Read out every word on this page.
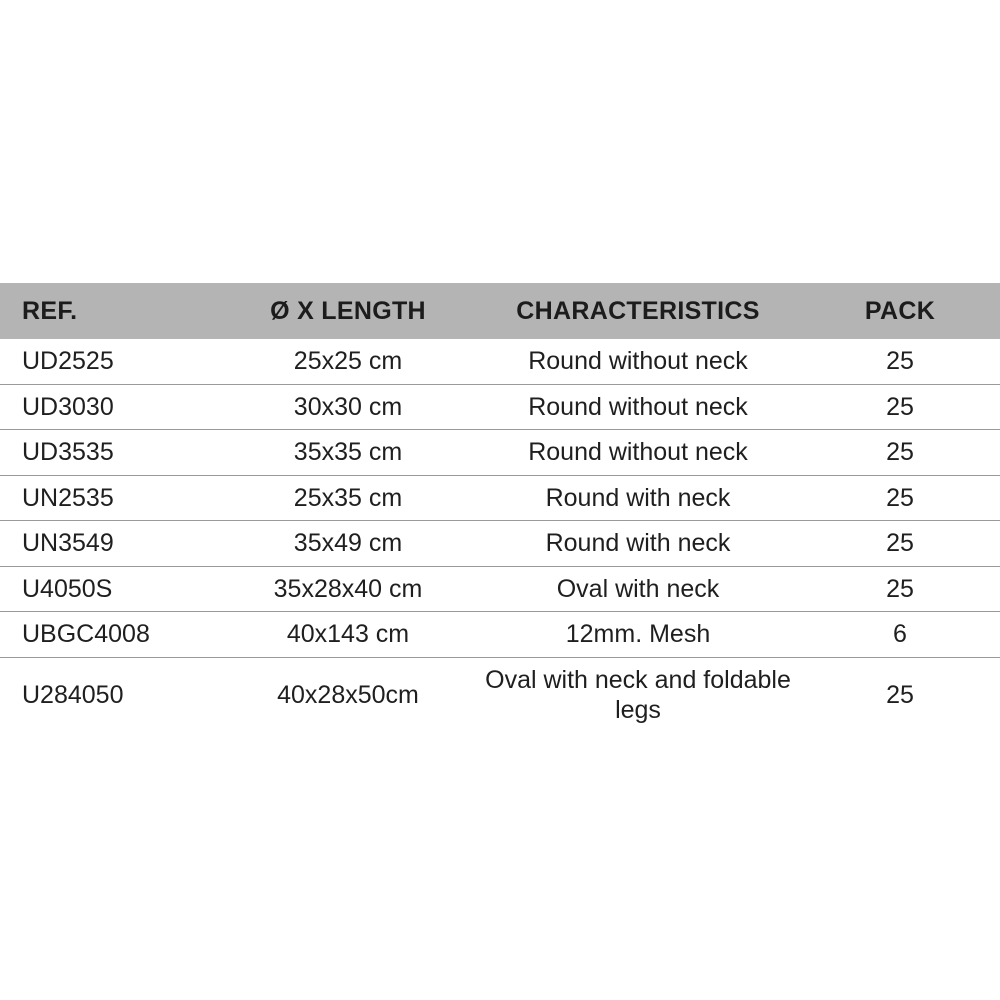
REF.	Ø X LENGTH	CHARACTERISTICS	PACK
UD2525	25x25 cm	Round without neck	25
UD3030	30x30 cm	Round without neck	25
UD3535	35x35 cm	Round without neck	25
UN2535	25x35 cm	Round with neck	25
UN3549	35x49 cm	Round with neck	25
U4050S	35x28x40 cm	Oval with neck	25
UBGC4008	40x143 cm	12mm. Mesh	6
U284050	40x28x50cm	Oval with neck and foldable legs	25
